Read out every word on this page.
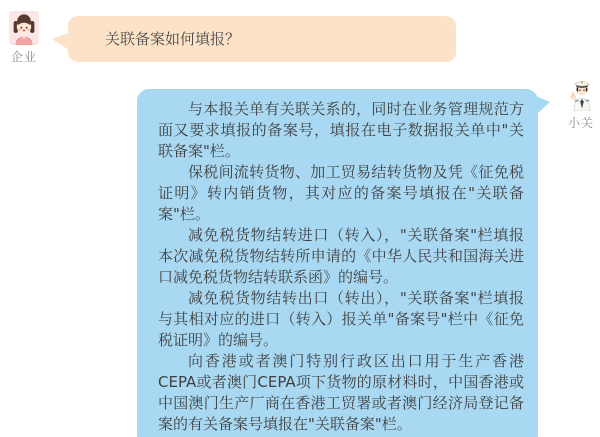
企业
关联备案如何填报？
小关

与本报关单有关联关系的，同时在业务管理规范方面又要求填报的备案号，填报在电子数据报关单中"关联备案"栏。

保税间流转货物、加工贸易结转货物及凭《征免税证明》转内销货物，其对应的备案号填报在"关联备案"栏。

减免税货物结转进口（转入），"关联备案"栏填报本次减免税货物结转所申请的《中华人民共和国海关进口减免税货物结转联系函》的编号。

减免税货物结转出口（转出），"关联备案"栏填报与其相对应的进口（转入）报关单"备案号"栏中《征免税证明》的编号。

向香港或者澳门特别行政区出口用于生产香港CEPA或者澳门CEPA项下货物的原材料时，中国香港或中国澳门生产厂商在香港工贸署或者澳门经济局登记备案的有关备案号填报在"关联备案"栏。
